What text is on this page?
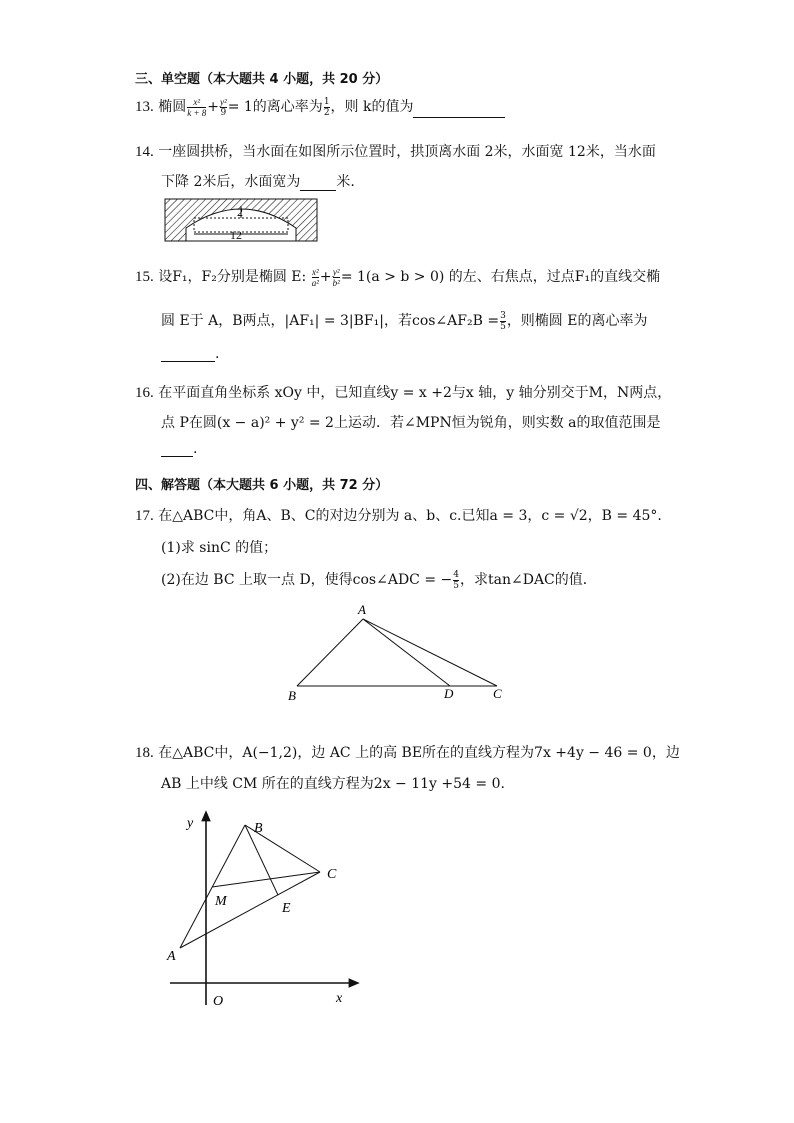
三、单空题（本大题共 4 小题，共 20 分）
13. 椭圆 $\frac{\text{x²}}{k + 8} + \frac{\text{y²}}{9} = 1$的离心率为 $\frac{1}{2}$ ，则 k的值为
14. 一座圆拱桥，当水面在如图所示位置时，拱顶离水面 2米，水面宽 12米，当水面
下降 2米后，水面宽为	米.
2
12
15. 设F₁，F₂分别是椭圆 E: $\frac{\text{x²}}{\text{a²}} + \frac{\text{y²}}{\text{b²}} = 1(a > b > 0)$ 的左、右焦点，过点F₁的直线交椭
圆 E于 A，B两点，|AF₁| = 3|BF₁|，若cos∠AF₂B = $\frac{3}{5}$ ，则椭圆 E的离心率为
.
16. 在平面直角坐标系 xOy 中，已知直线y = x +2与x 轴，y 轴分别交于M，N两点，
点 P在圆(x − a)² + y² = 2上运动．若∠MPN恒为锐角，则实数 a的取值范围是
.
四、解答题（本大题共 6 小题，共 72 分）
17. 在△ABC中，角A、B、C的对边分别为 a、b、c.已知a = 3，c = √2，B = 45°.
(1)求 sinC 的值；
(2)在边 BC 上取一点 D，使得cos∠ADC = − $\frac{4}{5}$ ，求tan∠DAC的值．
A
B	D	C
18. 在△ABC中，A(−1,2)，边 AC 上的高 BE所在的直线方程为7x +4y − 46 = 0，边
AB 上中线 CM 所在的直线方程为2x − 11y +54 = 0.
y
x
O
A
B
C
M	E
